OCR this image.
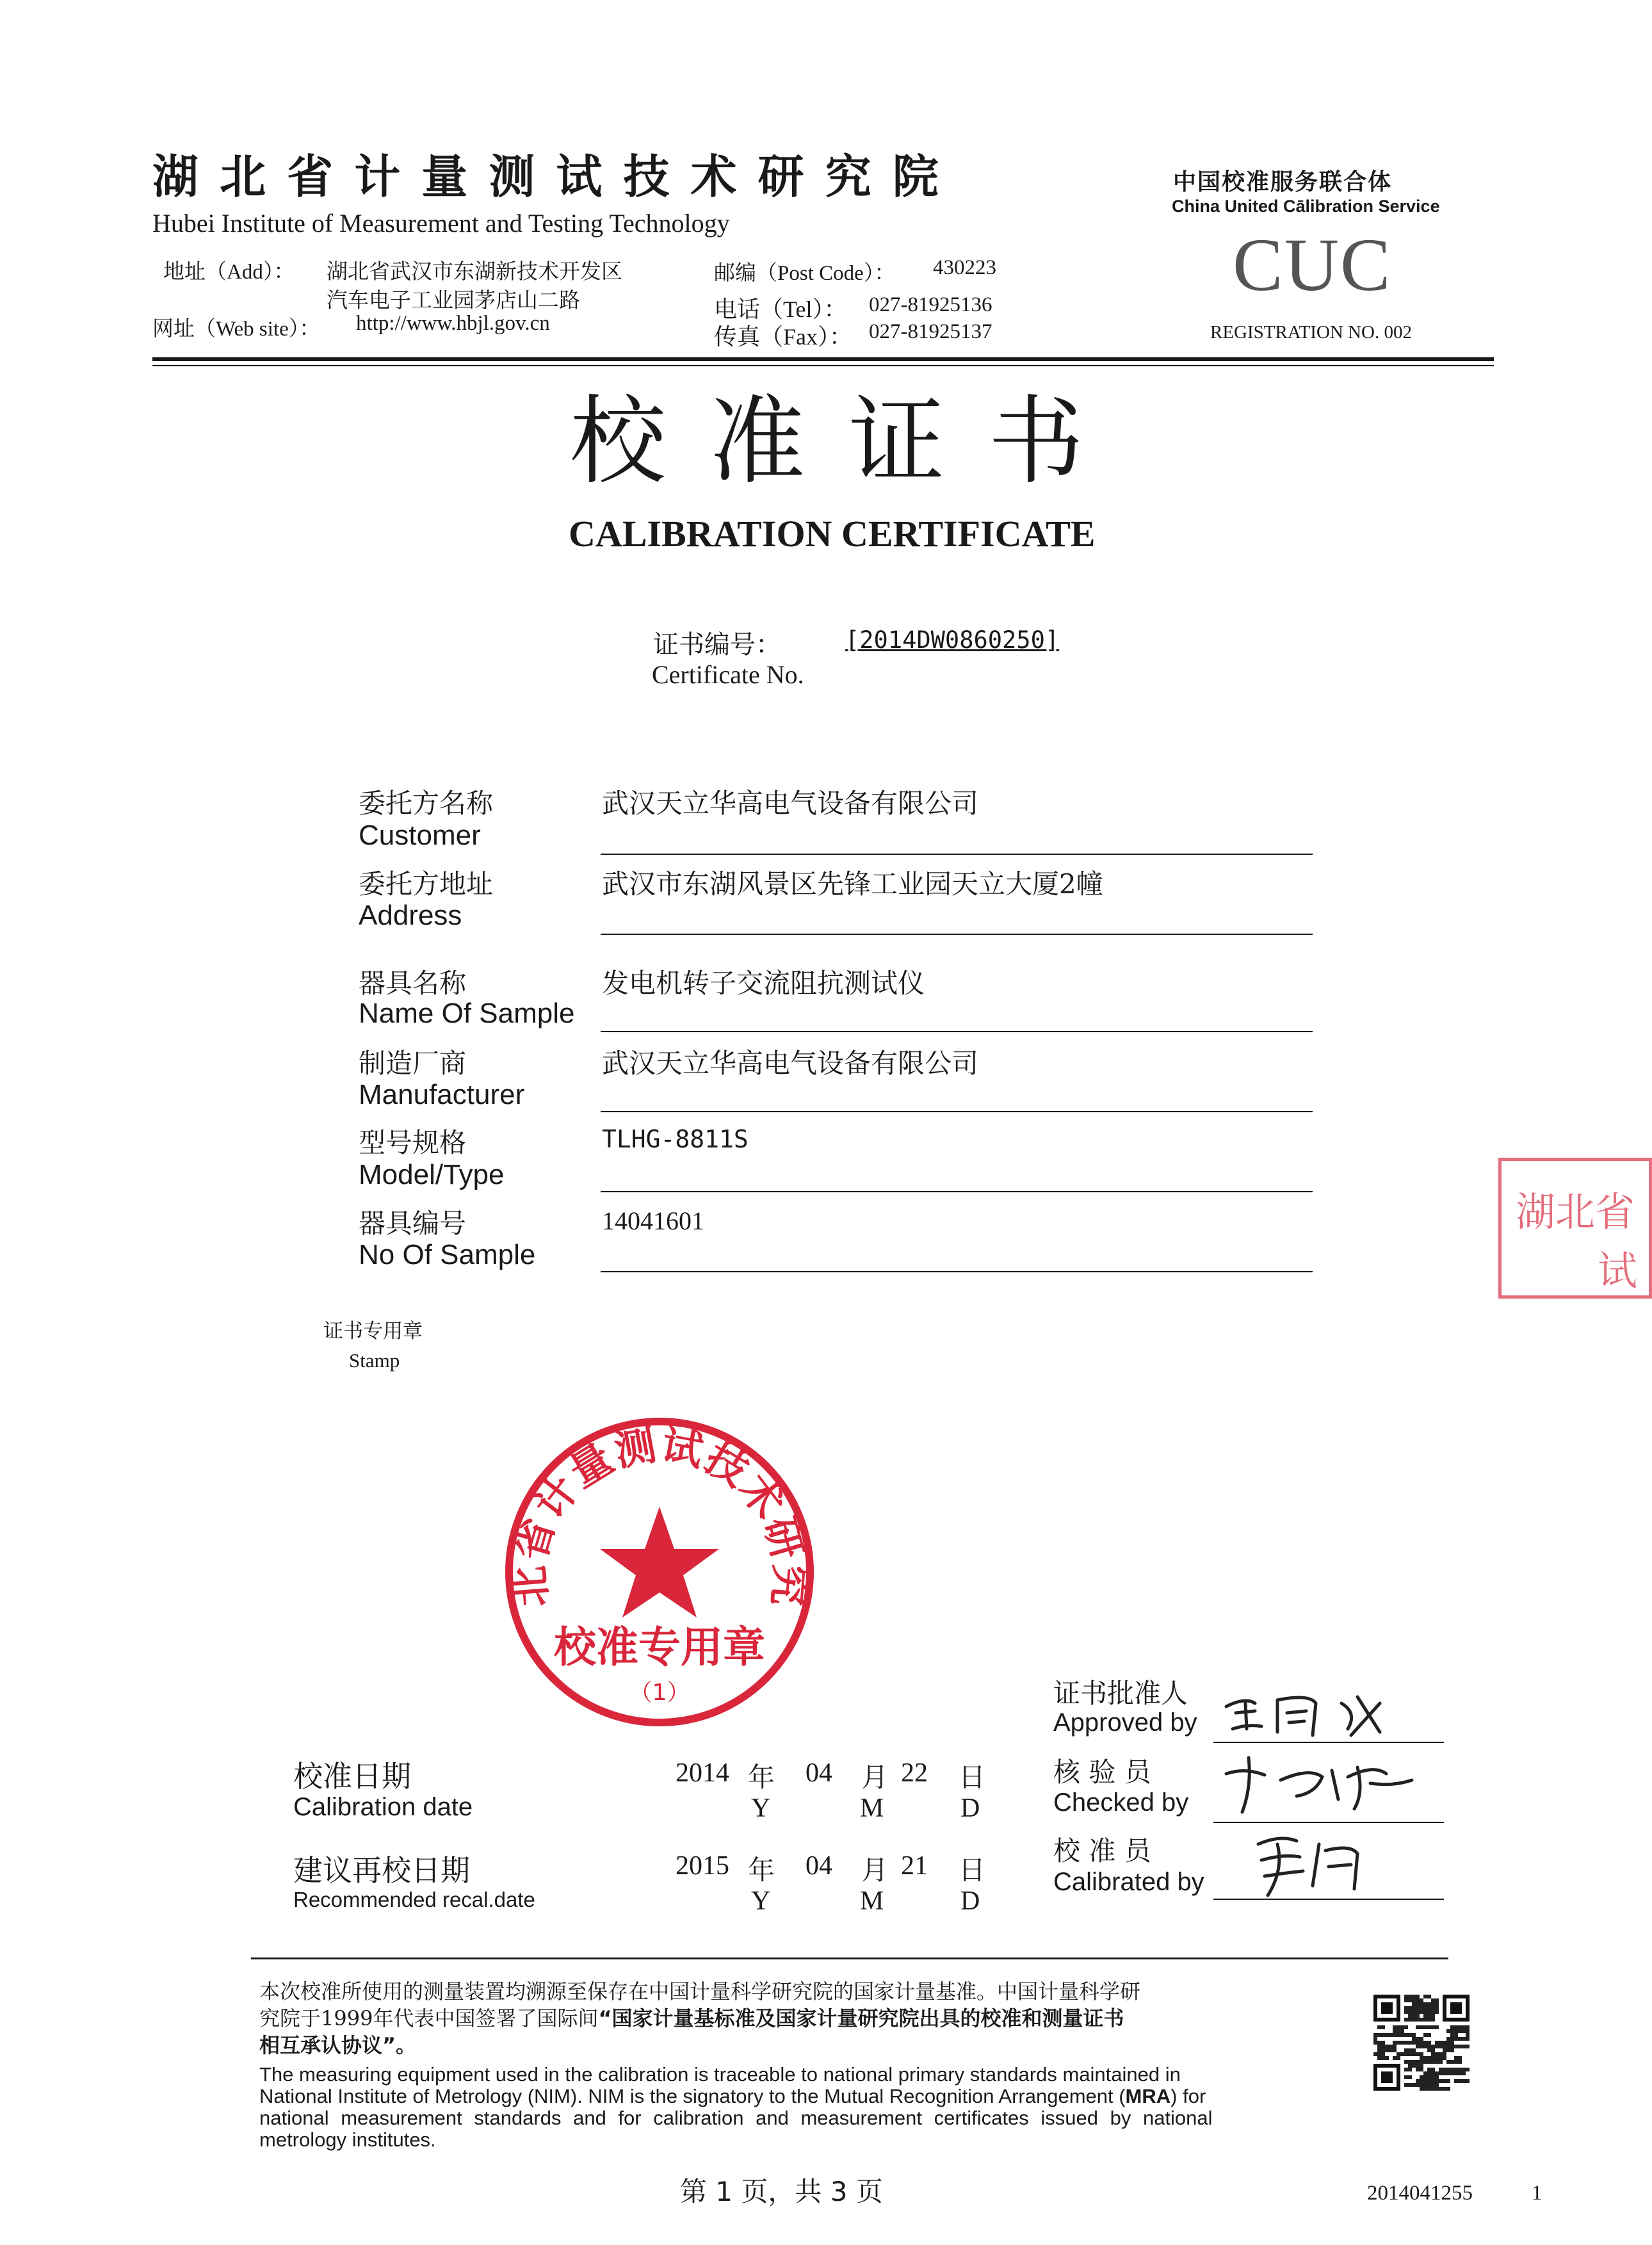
湖 北 省 计 量 测 试 技 术 研 究 院
Hubei Institute of Measurement and Testing Technology
地址（Add）： 湖北省武汉市东湖新技术开发区
汽车电子工业园茅店山二路
网址（Web site）： http://www.hbjl.gov.cn
邮编（Post Code）： 430223
电话（Tel）： 027-81925136
传真（Fax）： 027-81925137
中国校准服务联合体
China United Cālibration Service
CUC
REGISTRATION NO. 002
校 准 证 书
CALIBRATION CERTIFICATE
证书编号：
Certificate No.
[2014DW0860250]
委托方名称
Customer
武汉天立华高电气设备有限公司
委托方地址
Address
武汉市东湖风景区先锋工业园天立大厦2幢
器具名称
Name Of Sample
发电机转子交流阻抗测试仪
制造厂商
Manufacturer
武汉天立华高电气设备有限公司
型号规格
Model/Type
TLHG-8811S
器具编号
No Of Sample
14041601	湖北省
试
证书专用章
Stamp
北省计量测试技术研究
校准专用章
（1）
校准日期
Calibration date
2014 年 04 月 22 日
Y	M	D
建议再校日期
Recommended recal.date
2015 年 04 月 21 日
Y	M	D
证书批准人
Approved by
核 验 员
Checked by
校 准 员
Calibrated by
本次校准所使用的测量装置均溯源至保存在中国计量科学研究院的国家计量基准。中国计量科学研
究院于1999年代表中国签署了国际间“国家计量基标准及国家计量研究院出具的校准和测量证书
相互承认协议”。
The measuring equipment used in the calibration is traceable to national primary standards maintained in
National Institute of Metrology (NIM). NIM is the signatory to the Mutual Recognition Arrangement (MRA) for
national measurement standards and for calibration and measurement certificates issued by national
metrology institutes.
第 1 页，共 3 页	2014041255	1
